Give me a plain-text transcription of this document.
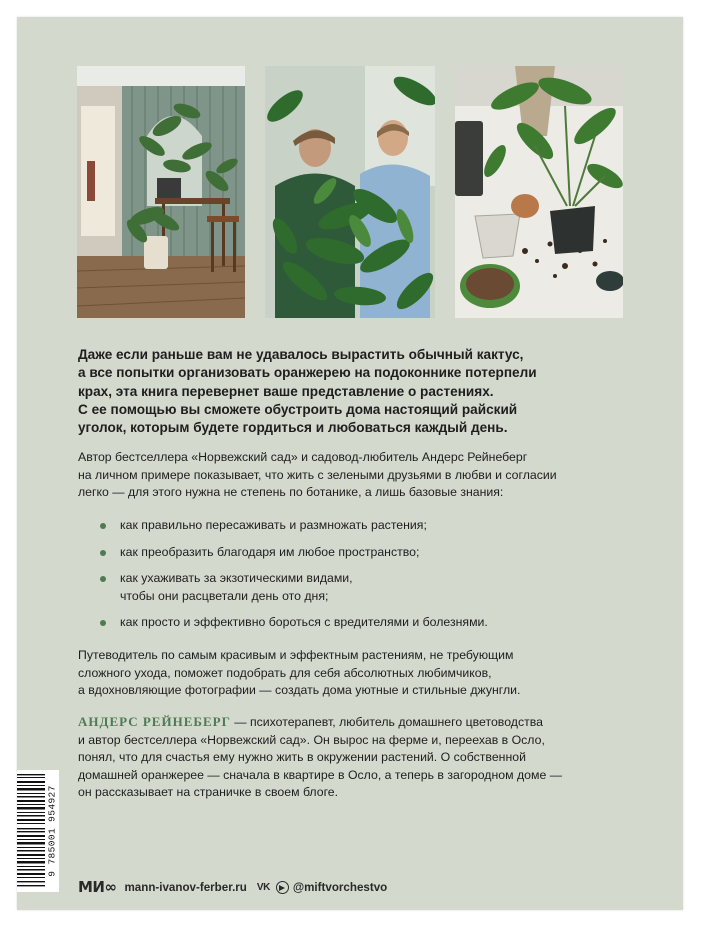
Даже если раньше вам не удавалось вырастить обычный кактус,
а все попытки организовать оранжерею на подоконнике потерпели
крах, эта книга перевернет ваше представление о растениях.
С ее помощью вы сможете обустроить дома настоящий райский
уголок, которым будете гордиться и любоваться каждый день.
Автор бестселлера «Норвежский сад» и садовод-любитель Андерс Рейнеберг
на личном примере показывает, что жить с зелеными друзьями в любви и согласии
легко — для этого нужна не степень по ботанике, а лишь базовые знания:
как правильно пересаживать и размножать растения;
как преобразить благодаря им любое пространство;
как ухаживать за экзотическими видами,
чтобы они расцветали день ото дня;
как просто и эффективно бороться с вредителями и болезнями.
Путеводитель по самым красивым и эффектным растениям, не требующим
сложного ухода, поможет подобрать для себя абсолютных любимчиков,
а вдохновляющие фотографии — создать дома уютные и стильные джунгли.
АНДЕРС РЕЙНЕБЕРГ — психотерапевт, любитель домашнего цветоводства
и автор бестселлера «Норвежский сад». Он вырос на ферме и, переехав в Осло,
понял, что для счастья ему нужно жить в окружении растений. О собственной
домашней оранжерее — сначала в квартире в Осло, а теперь в загородном доме —
он рассказывает на страничке в своем блоге.
9 785001 954927
МИ∞ mann-ivanov-ferber.ru VK @miftvorchestvo
